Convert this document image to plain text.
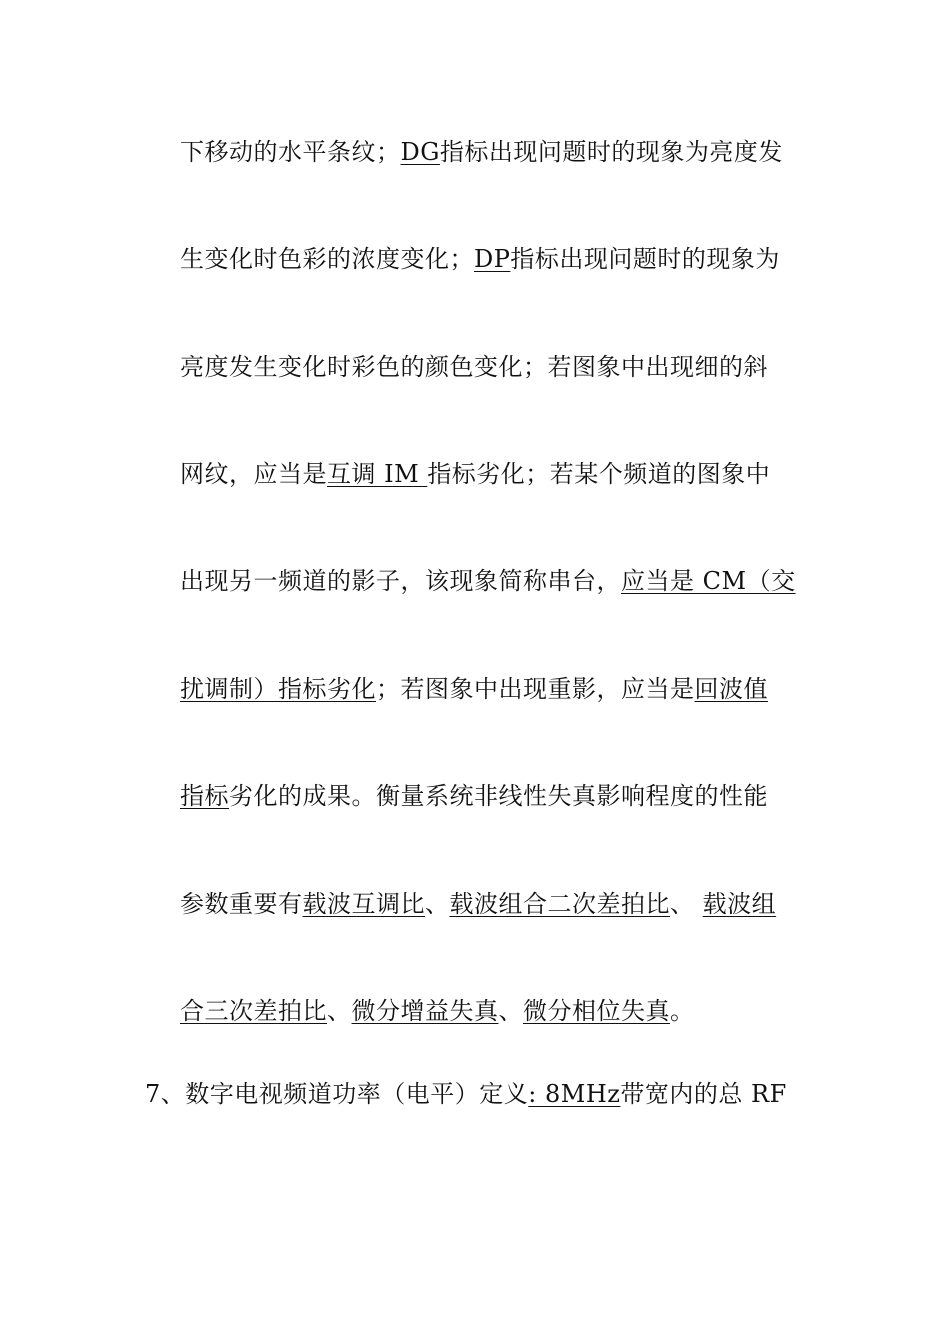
下移动的水平条纹；DG指标出现问题时的现象为亮度发
生变化时色彩的浓度变化；DP指标出现问题时的现象为
亮度发生变化时彩色的颜色变化；若图象中出现细的斜
网纹，应当是互调 IM 指标劣化；若某个频道的图象中
出现另一频道的影子，该现象简称串台，应当是 CM（交
扰调制）指标劣化；若图象中出现重影，应当是回波值
指标劣化的成果。衡量系统非线性失真影响程度的性能
参数重要有载波互调比、载波组合二次差拍比、 载波组
合三次差拍比、微分增益失真、微分相位失真。
7、数字电视频道功率（电平）定义: 8MHz带宽内的总 RF
